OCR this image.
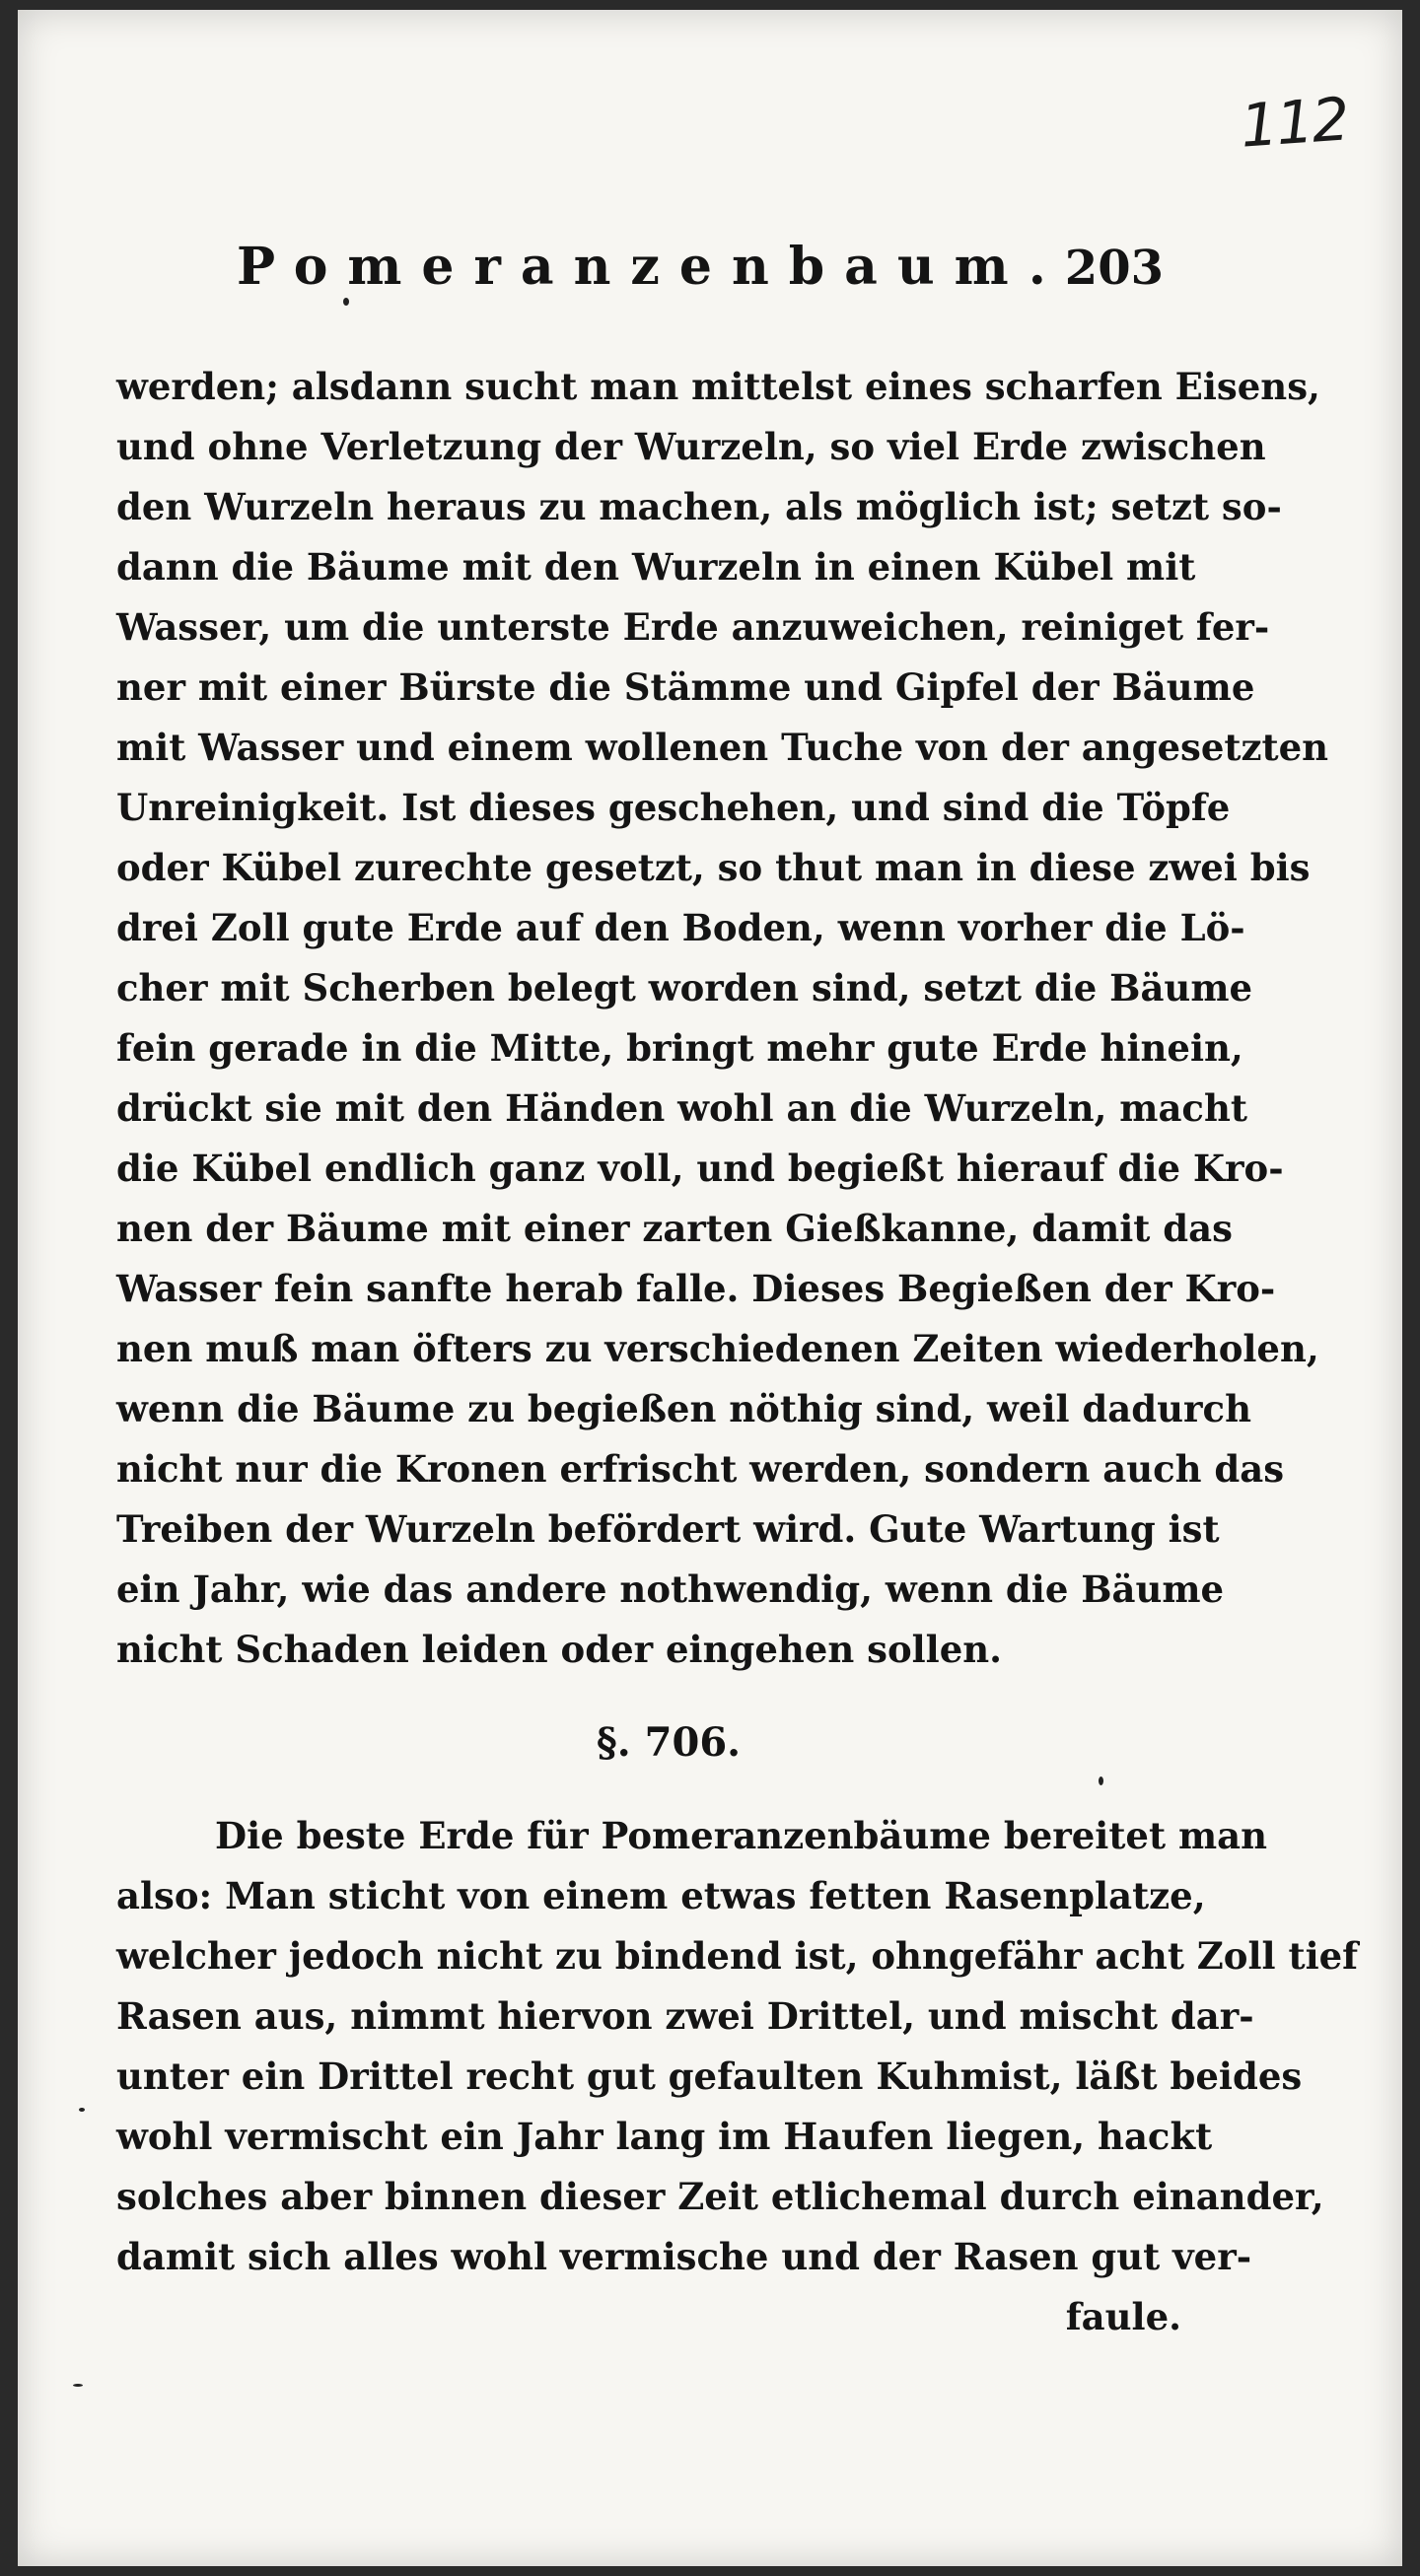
112
Pomeranzenbaum. 203
werden; alsdann sucht man mittelst eines scharfen Eisens,
und ohne Verletzung der Wurzeln, so viel Erde zwischen
den Wurzeln heraus zu machen, als möglich ist; setzt so-
dann die Bäume mit den Wurzeln in einen Kübel mit
Wasser, um die unterste Erde anzuweichen, reiniget fer-
ner mit einer Bürste die Stämme und Gipfel der Bäume
mit Wasser und einem wollenen Tuche von der angesetzten
Unreinigkeit. Ist dieses geschehen, und sind die Töpfe
oder Kübel zurechte gesetzt, so thut man in diese zwei bis
drei Zoll gute Erde auf den Boden, wenn vorher die Lö-
cher mit Scherben belegt worden sind, setzt die Bäume
fein gerade in die Mitte, bringt mehr gute Erde hinein,
drückt sie mit den Händen wohl an die Wurzeln, macht
die Kübel endlich ganz voll, und begießt hierauf die Kro-
nen der Bäume mit einer zarten Gießkanne, damit das
Wasser fein sanfte herab falle. Dieses Begießen der Kro-
nen muß man öfters zu verschiedenen Zeiten wiederholen,
wenn die Bäume zu begießen nöthig sind, weil dadurch
nicht nur die Kronen erfrischt werden, sondern auch das
Treiben der Wurzeln befördert wird. Gute Wartung ist
ein Jahr, wie das andere nothwendig, wenn die Bäume
nicht Schaden leiden oder eingehen sollen.
§. 706.
Die beste Erde für Pomeranzenbäume bereitet man
also: Man sticht von einem etwas fetten Rasenplatze,
welcher jedoch nicht zu bindend ist, ohngefähr acht Zoll tief
Rasen aus, nimmt hiervon zwei Drittel, und mischt dar-
unter ein Drittel recht gut gefaulten Kuhmist, läßt beides
wohl vermischt ein Jahr lang im Haufen liegen, hackt
solches aber binnen dieser Zeit etlichemal durch einander,
damit sich alles wohl vermische und der Rasen gut ver-
faule.
